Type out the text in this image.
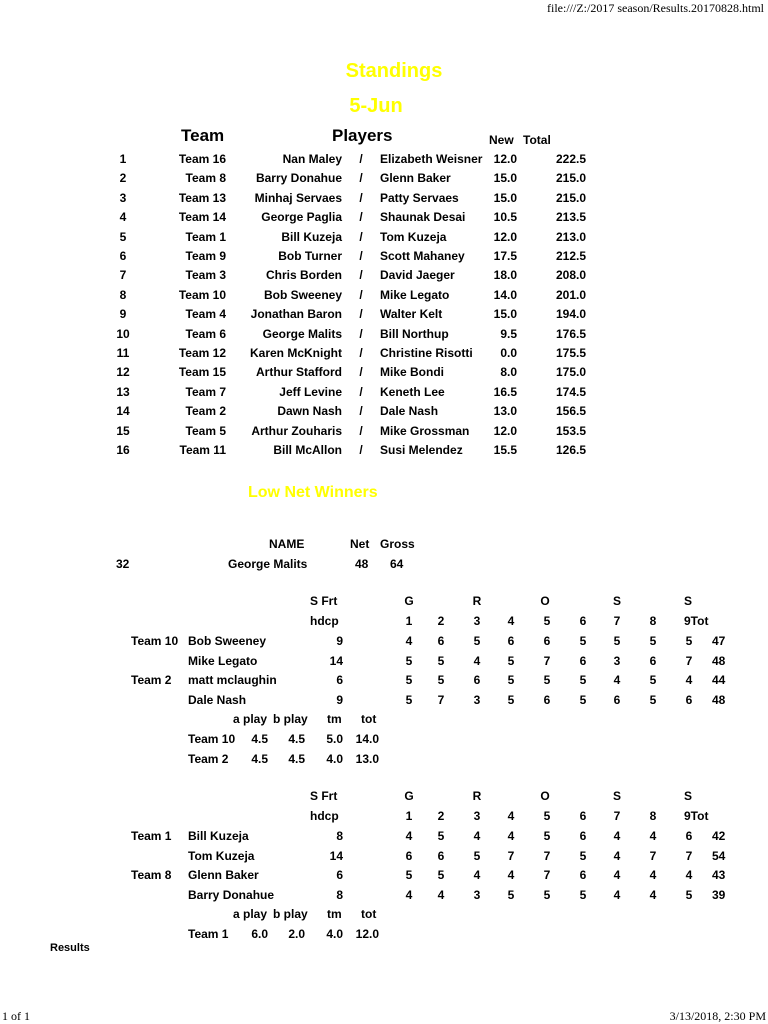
file:///Z:/2017 season/Results.20170828.html
1 of 1	3/13/2018, 2:30 PM
Standings
5-Jun
Team	Players	New Total
1	Team 16	Nan Maley	/	Elizabeth Weisner 12.0	222.5
2	Team 8	Barry Donahue	/	Glenn Baker	15.0	215.0
3	Team 13	Minhaj Servaes	/	Patty Servaes	15.0	215.0
4	Team 14	George Paglia	/	Shaunak Desai	10.5	213.5
5	Team 1	Bill Kuzeja	/	Tom Kuzeja	12.0	213.0
6	Team 9	Bob Turner	/	Scott Mahaney	17.5	212.5
7	Team 3	Chris Borden	/	David Jaeger	18.0	208.0
8	Team 10	Bob Sweeney	/	Mike Legato	14.0	201.0
9	Team 4	Jonathan Baron	/	Walter Kelt	15.0	194.0
10	Team 6	George Malits	/	Bill Northup	9.5	176.5
11	Team 12	Karen McKnight	/	Christine Risotti	0.0	175.5
12	Team 15	Arthur Stafford	/	Mike Bondi	8.0	175.0
13	Team 7	Jeff Levine	/	Keneth Lee	16.5	174.5
14	Team 2	Dawn Nash	/	Dale Nash	13.0	156.5
15	Team 5	Arthur Zouharis	/	Mike Grossman	12.0	153.5
16	Team 11	Bill McAllon	/	Susi Melendez	15.5	126.5
Low Net Winners
NAME	Net Gross
32	George Malits	48 64
S Frt	G	R	O	S	S
hdcp	1	2	3	4	5	6	7	8	9Tot
Team 10 Bob Sweeney	9	4	6	5	6	6	5	5	5	5	47
Mike Legato	14	5	5	4	5	7	6	3	6	7	48
Team 2 matt mclaughin	6	5	5	6	5	5	5	4	5	4	44
Dale Nash	9	5	7	3	5	6	5	6	5	6	48
a play b play tm tot
Team 10	4.5	4.5	5.0	14.0
Team 2	4.5	4.5	4.0	13.0
S Frt	G	R	O	S	S
hdcp	1	2	3	4	5	6	7	8	9Tot
Team 1 Bill Kuzeja	8	4	5	4	4	5	6	4	4	6	42
Tom Kuzeja	14	6	6	5	7	7	5	4	7	7	54
Team 8 Glenn Baker	6	5	5	4	4	7	6	4	4	4	43
Barry Donahue	8	4	4	3	5	5	5	4	4	5	39
a play b play tm tot
Team 1	6.0	2.0	4.0	12.0
Results
